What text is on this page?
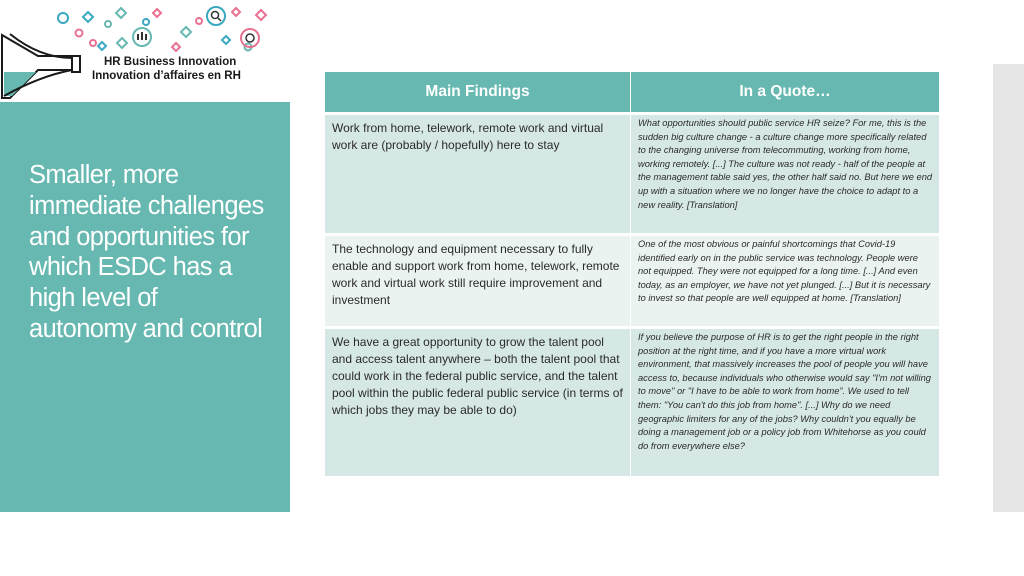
HR Business Innovation
Innovation d’affaires en RH
Smaller, more immediate challenges and opportunities for which ESDC has a high level of autonomy and control
Main Findings	In a Quote…
Work from home, telework, remote work and virtual work are (probably / hopefully) here to stay
What opportunities should public service HR seize? For me, this is the sudden big culture change - a culture change more specifically related to the changing universe from telecommuting, working from home, working remotely. [...] The culture was not ready - half of the people at the management table said yes, the other half said no. But here we end up with a situation where we no longer have the choice to adapt to a new reality. [Translation]
The technology and equipment necessary to fully enable and support work from home, telework, remote work and virtual work still require improvement and investment
One of the most obvious or painful shortcomings that Covid-19 identified early on in the public service was technology. People were not equipped. They were not equipped for a long time. [...] And even today, as an employer, we have not yet plunged. [...] But it is necessary to invest so that people are well equipped at home. [Translation]
We have a great opportunity to grow the talent pool and access talent anywhere – both the talent pool that could work in the federal public service, and the talent pool within the public federal public service (in terms of which jobs they may be able to do)
If you believe the purpose of HR is to get the right people in the right position at the right time, and if you have a more virtual work environment, that massively increases the pool of people you will have access to, because individuals who otherwise would say "I'm not willing to move" or "I have to be able to work from home”. We used to tell them: "You can't do this job from home". [...] Why do we need geographic limiters for any of the jobs? Why couldn't you equally be doing a management job or a policy job from Whitehorse as you could do from everywhere else?
